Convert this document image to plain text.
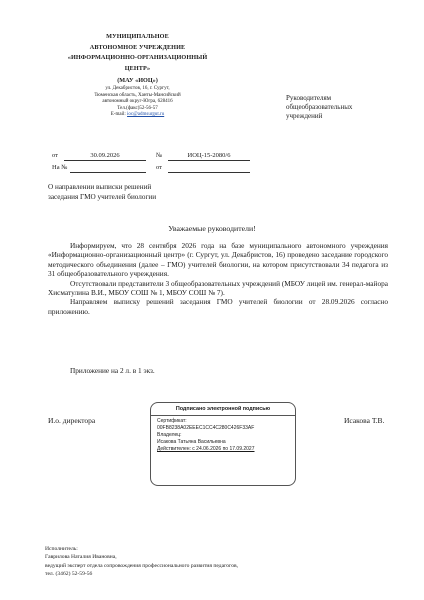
МУНИЦИПАЛЬНОЕ
АВТОНОМНОЕ УЧРЕЖДЕНИЕ
«ИНФОРМАЦИОННО-ОРГАНИЗАЦИОННЫЙ
ЦЕНТР»
(МАУ «ИОЦ»)
ул. Декабристов, 16, г. Сургут,
Тюменская область, Ханты-Мансийский
автономный округ-Югра, 628416
Тел.(факс)52-56-57
E-mail: ioc@admsurgut.ru
Руководителям
общеобразовательных
учреждений
от	30.09.2026	№	ИОЦ-15-2080/6
На №	от
О направлении выписки решений
заседания ГМО учителей биологии
Уважаемые руководители!

Информируем, что 28 сентября 2026 года на базе муниципального автономного учреждения «Информационно-организационный центр» (г. Сургут, ул. Декабристов, 16) проведено заседание городского методического объединения (далее – ГМО) учителей биологии, на котором присутствовали 34 педагога из 31 общеобразовательного учреждения.

Отсутствовали представители 3 общеобразовательных учреждений (МБОУ лицей им. генерал-майора Хисматулина В.И., МБОУ СОШ № 1, МБОУ СОШ № 7).

Направляем выписку решений заседания ГМО учителей биологии от 28.09.2026 согласно приложению.

Приложение на 2 л. в 1 экз.
И.о. директора	Исакова Т.В.
Подписано электронной подписью
Сертификат:
00FB8238A02EEEC1CC4C280C426F33AF
Владелец:
Исакова Татьяна Васильевна
Действителен: с 24.06.2026 по 17.09.2027
Исполнитель:
Гаврилова Наталия Ивановна,
ведущий эксперт отдела сопровождения профессионального развития педагогов,
тел. (3462) 52-59-56
